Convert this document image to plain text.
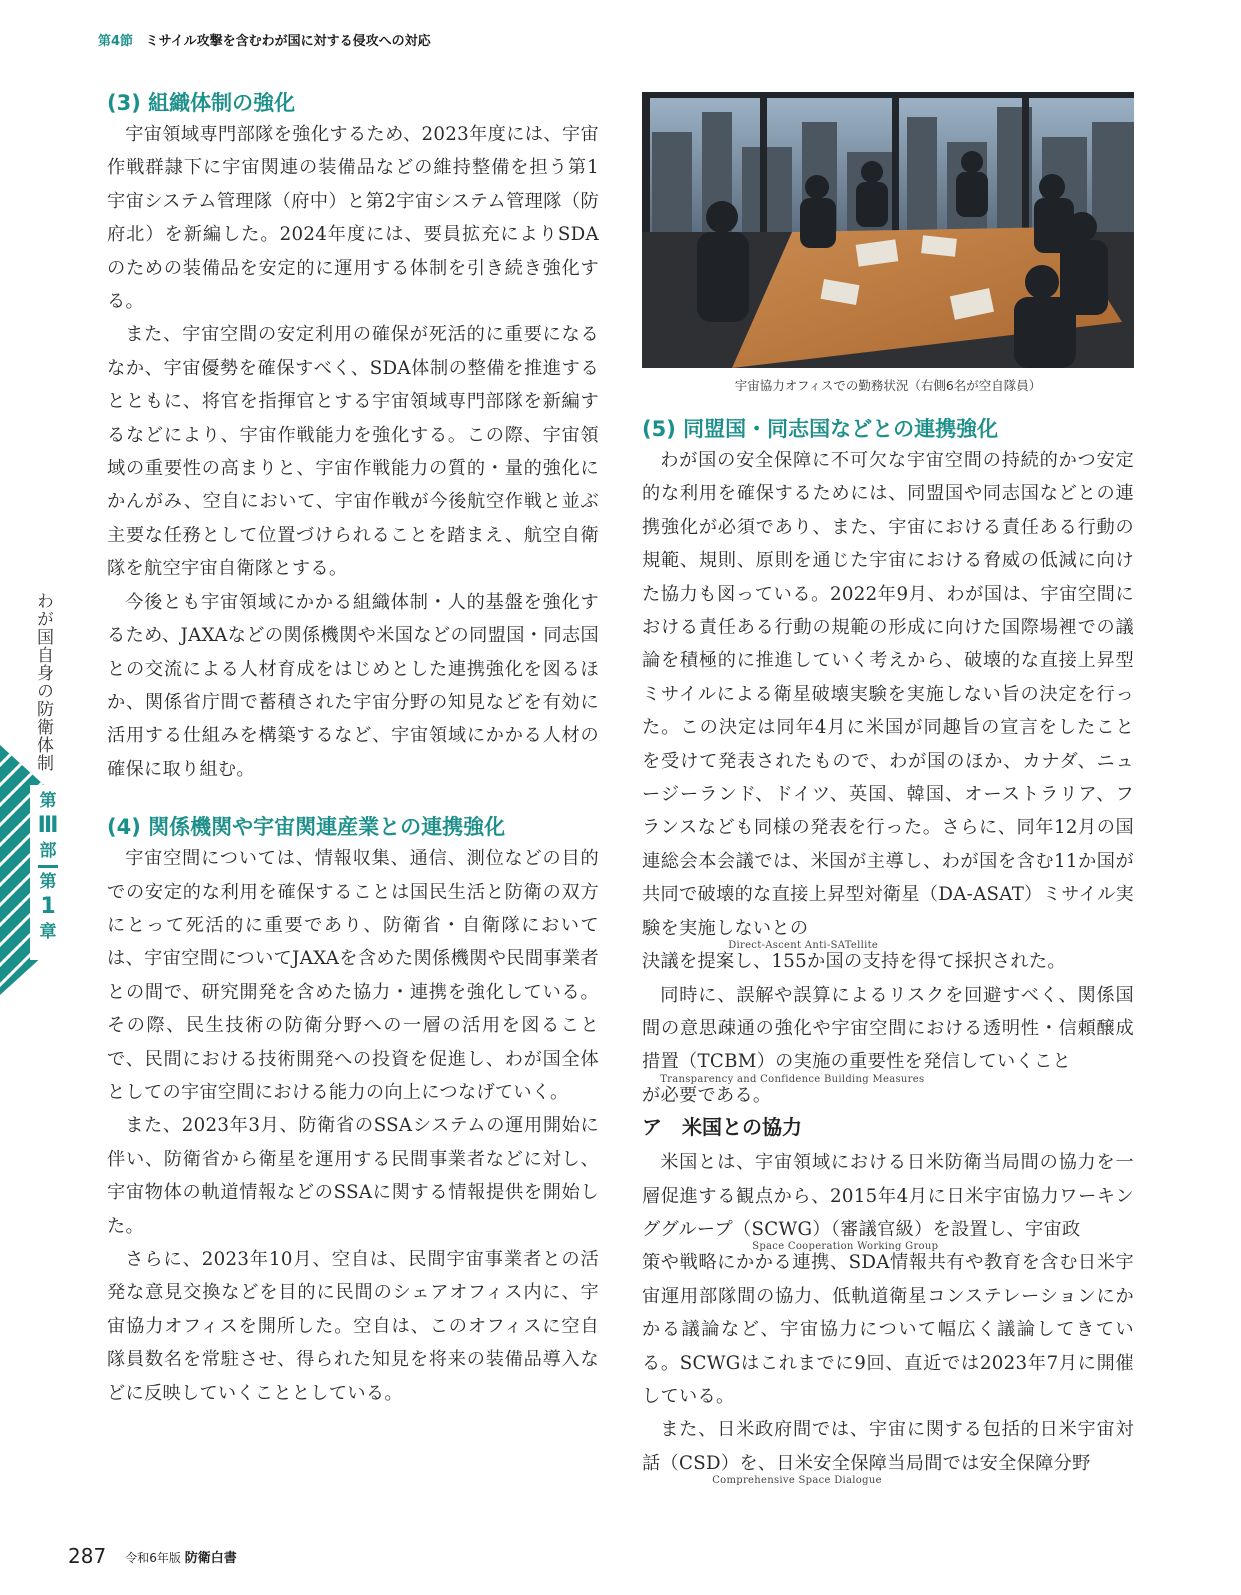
第4節 ミサイル攻撃を含むわが国に対する侵攻への対応
(3) 組織体制の強化

宇宙領域専門部隊を強化するため、2023年度には、宇宙作戦群隷下に宇宙関連の装備品などの維持整備を担う第1宇宙システム管理隊（府中）と第2宇宙システム管理隊（防府北）を新編した。2024年度には、要員拡充によりSDAのための装備品を安定的に運用する体制を引き続き強化する。

また、宇宙空間の安定利用の確保が死活的に重要になるなか、宇宙優勢を確保すべく、SDA体制の整備を推進するとともに、将官を指揮官とする宇宙領域専門部隊を新編するなどにより、宇宙作戦能力を強化する。この際、宇宙領域の重要性の高まりと、宇宙作戦能力の質的・量的強化にかんがみ、空自において、宇宙作戦が今後航空作戦と並ぶ主要な任務として位置づけられることを踏まえ、航空自衛隊を航空宇宙自衛隊とする。

今後とも宇宙領域にかかる組織体制・人的基盤を強化するため、JAXAなどの関係機関や米国などの同盟国・同志国との交流による人材育成をはじめとした連携強化を図るほか、関係省庁間で蓄積された宇宙分野の知見などを有効に活用する仕組みを構築するなど、宇宙領域にかかる人材の確保に取り組む。

(4) 関係機関や宇宙関連産業との連携強化

宇宙空間については、情報収集、通信、測位などの目的での安定的な利用を確保することは国民生活と防衛の双方にとって死活的に重要であり、防衛省・自衛隊においては、宇宙空間についてJAXAを含めた関係機関や民間事業者との間で、研究開発を含めた協力・連携を強化している。その際、民生技術の防衛分野への一層の活用を図ることで、民間における技術開発への投資を促進し、わが国全体としての宇宙空間における能力の向上につなげていく。

また、2023年3月、防衛省のSSAシステムの運用開始に伴い、防衛省から衛星を運用する民間事業者などに対し、宇宙物体の軌道情報などのSSAに関する情報提供を開始した。

さらに、2023年10月、空自は、民間宇宙事業者との活発な意見交換などを目的に民間のシェアオフィス内に、宇宙協力オフィスを開所した。空自は、このオフィスに空自隊員数名を常駐させ、得られた知見を将来の装備品導入などに反映していくこととしている。

宇宙協力オフィスでの勤務状況（右側6名が空自隊員）
(5) 同盟国・同志国などとの連携強化

わが国の安全保障に不可欠な宇宙空間の持続的かつ安定的な利用を確保するためには、同盟国や同志国などとの連携強化が必須であり、また、宇宙における責任ある行動の規範、規則、原則を通じた宇宙における脅威の低減に向けた協力も図っている。2022年9月、わが国は、宇宙空間における責任ある行動の規範の形成に向けた国際場裡での議論を積極的に推進していく考えから、破壊的な直接上昇型ミサイルによる衛星破壊実験を実施しない旨の決定を行った。この決定は同年4月に米国が同趣旨の宣言をしたことを受けて発表されたもので、わが国のほか、カナダ、ニュージーランド、ドイツ、英国、韓国、オーストラリア、フランスなども同様の発表を行った。さらに、同年12月の国連総会本会議では、米国が主導し、わが国を含む11か国が共同で破壊的な直接上昇型対衛星（DA-ASAT）ミサイル実験を実施しないとの
Direct-Ascent Anti-SATellite
決議を提案し、155か国の支持を得て採択された。

同時に、誤解や誤算によるリスクを回避すべく、関係国間の意思疎通の強化や宇宙空間における透明性・信頼醸成措置（TCBM）の実施の重要性を発信していくこと
Transparency and Confidence Building Measures
が必要である。

ア　米国との協力

米国とは、宇宙領域における日米防衛当局間の協力を一層促進する観点から、2015年4月に日米宇宙協力ワーキンググループ（SCWG）（審議官級）を設置し、宇宙政
Space Cooperation Working Group
策や戦略にかかる連携、SDA情報共有や教育を含む日米宇宙運用部隊間の協力、低軌道衛星コンステレーションにかかる議論など、宇宙協力について幅広く議論してきている。SCWGはこれまでに9回、直近では2023年7月に開催している。

また、日米政府間では、宇宙に関する包括的日米宇宙対話（CSD）を、日米安全保障当局間では安全保障分野
Comprehensive Space Dialogue

わが国自身の防衛体制
第
Ⅲ
部
第
1
章
287 令和6年版 防衛白書
